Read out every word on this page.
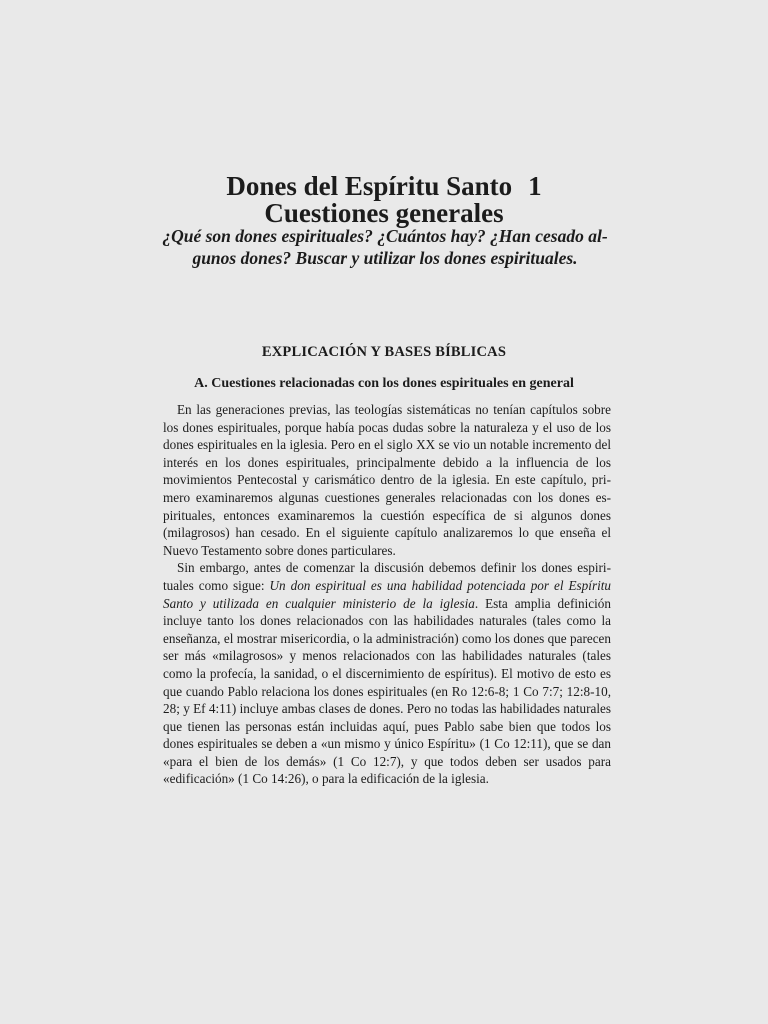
Dones del Espíritu Santo 1
Cuestiones generales

¿Qué son dones espirituales? ¿Cuántos hay? ¿Han cesado algunos dones? Buscar y utilizar los dones espirituales.

EXPLICACIÓN Y BASES BÍBLICAS
A. Cuestiones relacionadas con los dones espirituales en general

En las generaciones previas, las teologías sistemáticas no tenían capítulos sobre los dones espirituales, porque había pocas dudas sobre la naturaleza y el uso de los dones espirituales en la iglesia. Pero en el siglo XX se vio un notable incremento del interés en los dones espirituales, principalmente debido a la influencia de los movimientos Pentecostal y carismático dentro de la iglesia. En este capítulo, primero examinaremos algunas cuestiones generales relacionadas con los dones espirituales, entonces examinaremos la cuestión específica de si algunos dones (milagrosos) han cesado. En el siguiente capítulo analizaremos lo que enseña el Nuevo Testamento sobre dones particulares.

Sin embargo, antes de comenzar la discusión debemos definir los dones espirituales como sigue: Un don espiritual es una habilidad potenciada por el Espíritu Santo y utilizada en cualquier ministerio de la iglesia. Esta amplia definición incluye tanto los dones relacionados con las habilidades naturales (tales como la enseñanza, el mostrar misericordia, o la administración) como los dones que parecen ser más «milagrosos» y menos relacionados con las habilidades naturales (tales como la profecía, la sanidad, o el discernimiento de espíritus). El motivo de esto es que cuando Pablo relaciona los dones espirituales (en Ro 12:6-8; 1 Co 7:7; 12:8-10, 28; y Ef 4:11) incluye ambas clases de dones. Pero no todas las habilidades naturales que tienen las personas están incluidas aquí, pues Pablo sabe bien que todos los dones espirituales se deben a «un mismo y único Espíritu» (1 Co 12:11), que se dan «para el bien de los demás» (1 Co 12:7), y que todos deben ser usados para «edificación» (1 Co 14:26), o para la edificación de la iglesia.
